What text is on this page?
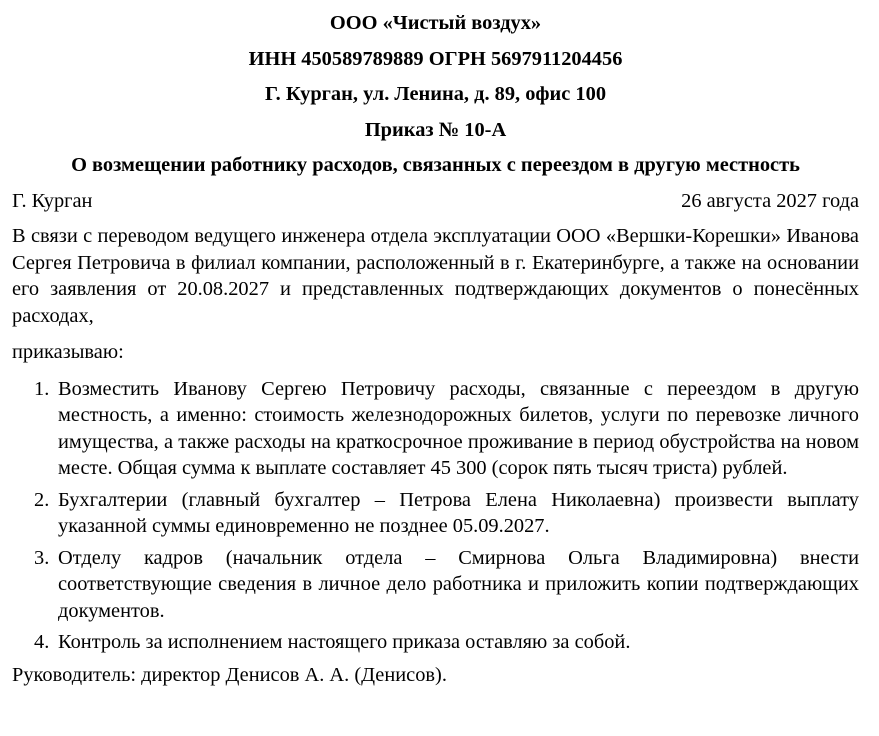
ООО «Чистый воздух»

ИНН 450589789889 ОГРН 5697911204456

Г. Курган, ул. Ленина, д. 89, офис 100

Приказ № 10-А

О возмещении работнику расходов, связанных с переездом в другую местность

Г. Курган	26 августа 2027 года

В связи с переводом ведущего инженера отдела эксплуатации ООО «Вершки-Корешки» Иванова Сергея Петровича в филиал компании, расположенный в г. Екатеринбурге, а также на основании его заявления от 20.08.2027 и представленных подтверждающих документов о понесённых расходах,

приказываю:

1. Возместить Иванову Сергею Петровичу расходы, связанные с переездом в другую местность, а именно: стоимость железнодорожных билетов, услуги по перевозке личного имущества, а также расходы на краткосрочное проживание в период обустройства на новом месте. Общая сумма к выплате составляет 45 300 (сорок пять тысяч триста) рублей.
2. Бухгалтерии (главный бухгалтер – Петрова Елена Николаевна) произвести выплату указанной суммы единовременно не позднее 05.09.2027.
3. Отделу кадров (начальник отдела – Смирнова Ольга Владимировна) внести соответствующие сведения в личное дело работника и приложить копии подтверждающих документов.
4. Контроль за исполнением настоящего приказа оставляю за собой.

Руководитель: директор Денисов А. А. (Денисов).
